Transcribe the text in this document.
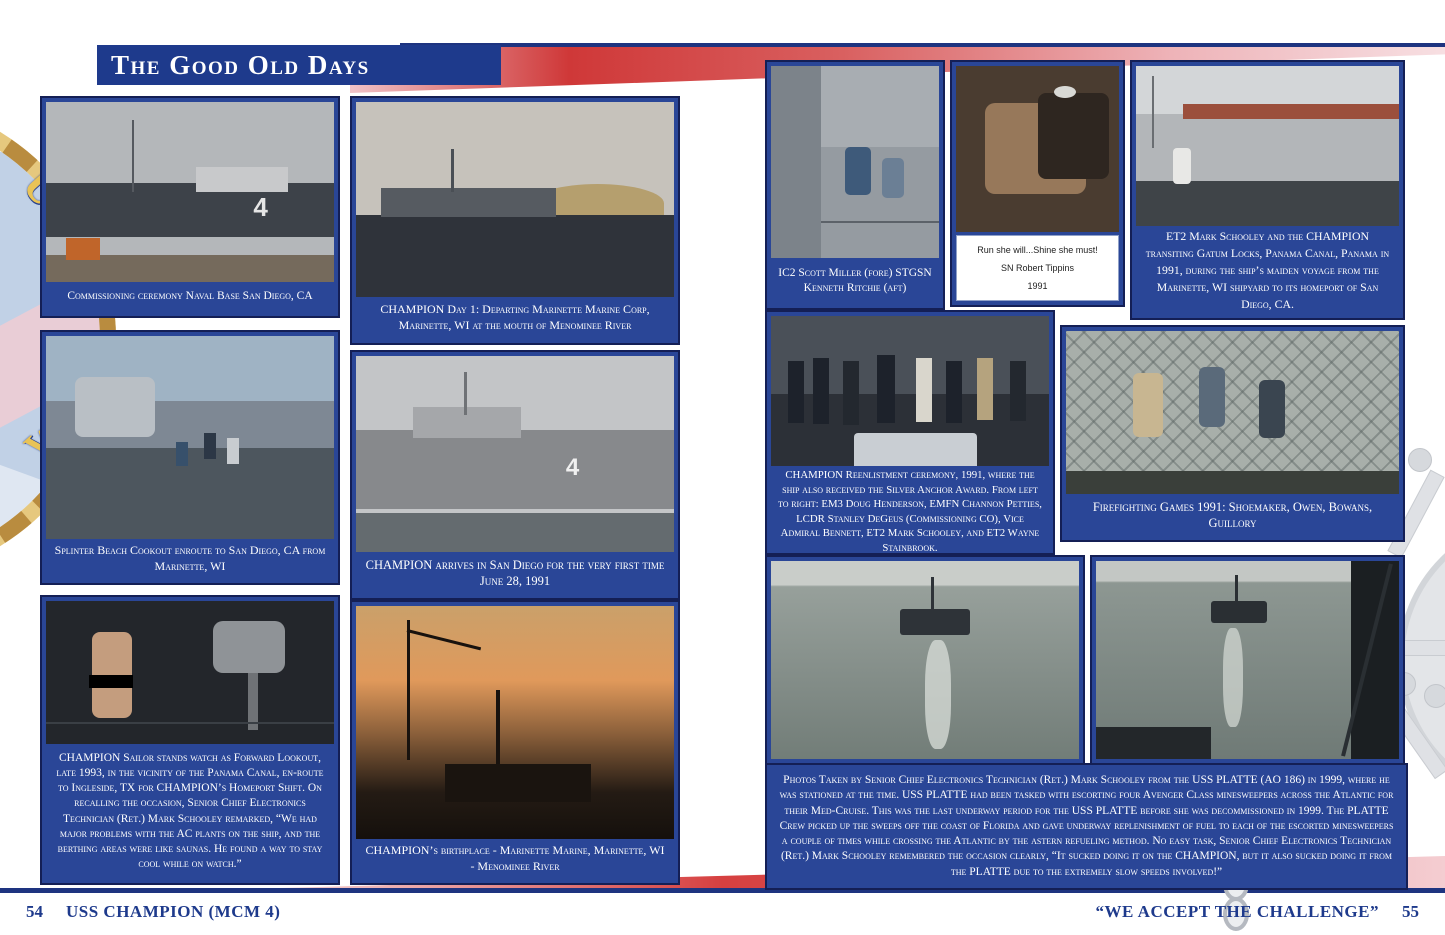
The Good Old Days
4
Commissioning ceremony Naval Base San Diego, CA
CHAMPION Day 1: Departing Marinette Marine Corp, Marinette, WI at the mouth of Menominee River
Splinter Beach Cookout enroute to San Diego, CA from Marinette, WI
4
CHAMPION arrives in San Diego for the very first time June 28, 1991
CHAMPION Sailor stands watch as Forward Lookout, late 1993, in the vicinity of the Panama Canal, en-route to Ingleside, TX for CHAMPION’s Homeport Shift. On recalling the occasion, Senior Chief Electronics Technician (Ret.) Mark Schooley remarked, “We had major problems with the AC plants on the ship, and the berthing areas were like saunas. He found a way to stay cool while on watch.”
CHAMPION’s birthplace - Marinette Marine, Marinette, WI - Menominee River
IC2 Scott Miller (fore) STGSN Kenneth Ritchie (aft)
Run she will...Shine she must!
SN Robert Tippins
1991
ET2 Mark Schooley and the CHAMPION transiting Gatum Locks, Panama Canal, Panama in 1991, during the ship’s maiden voyage from the Marinette, WI shipyard to its homeport of San Diego, CA.
CHAMPION Reenlistment ceremony, 1991, where the ship also received the Silver Anchor Award. From left to right: EM3 Doug Henderson, EMFN Channon Petties, LCDR Stanley DeGeus (Commissioning CO), Vice Admiral Bennett, ET2 Mark Schooley, and ET2 Wayne Stainbrook.
Firefighting Games 1991: Shoemaker, Owen, Bowans, Guillory
Photos Taken by Senior Chief Electronics Technician (Ret.) Mark Schooley from the USS PLATTE (AO 186) in 1999, where he was stationed at the time. USS PLATTE had been tasked with escorting four Avenger Class minesweepers across the Atlantic for their Med-Cruise. This was the last underway period for the USS PLATTE before she was decommissioned in 1999. The PLATTE Crew picked up the sweeps off the coast of Florida and gave underway replenishment of fuel to each of the escorted minesweepers a couple of times while crossing the Atlantic by the astern refueling method. No easy task, Senior Chief Electronics Technician (Ret.) Mark Schooley remembered the occasion clearly, “It sucked doing it on the CHAMPION, but it also sucked doing it from the PLATTE due to the extremely slow speeds involved!”
54 USS CHAMPION (MCM 4)	“WE ACCEPT THE CHALLENGE” 55
